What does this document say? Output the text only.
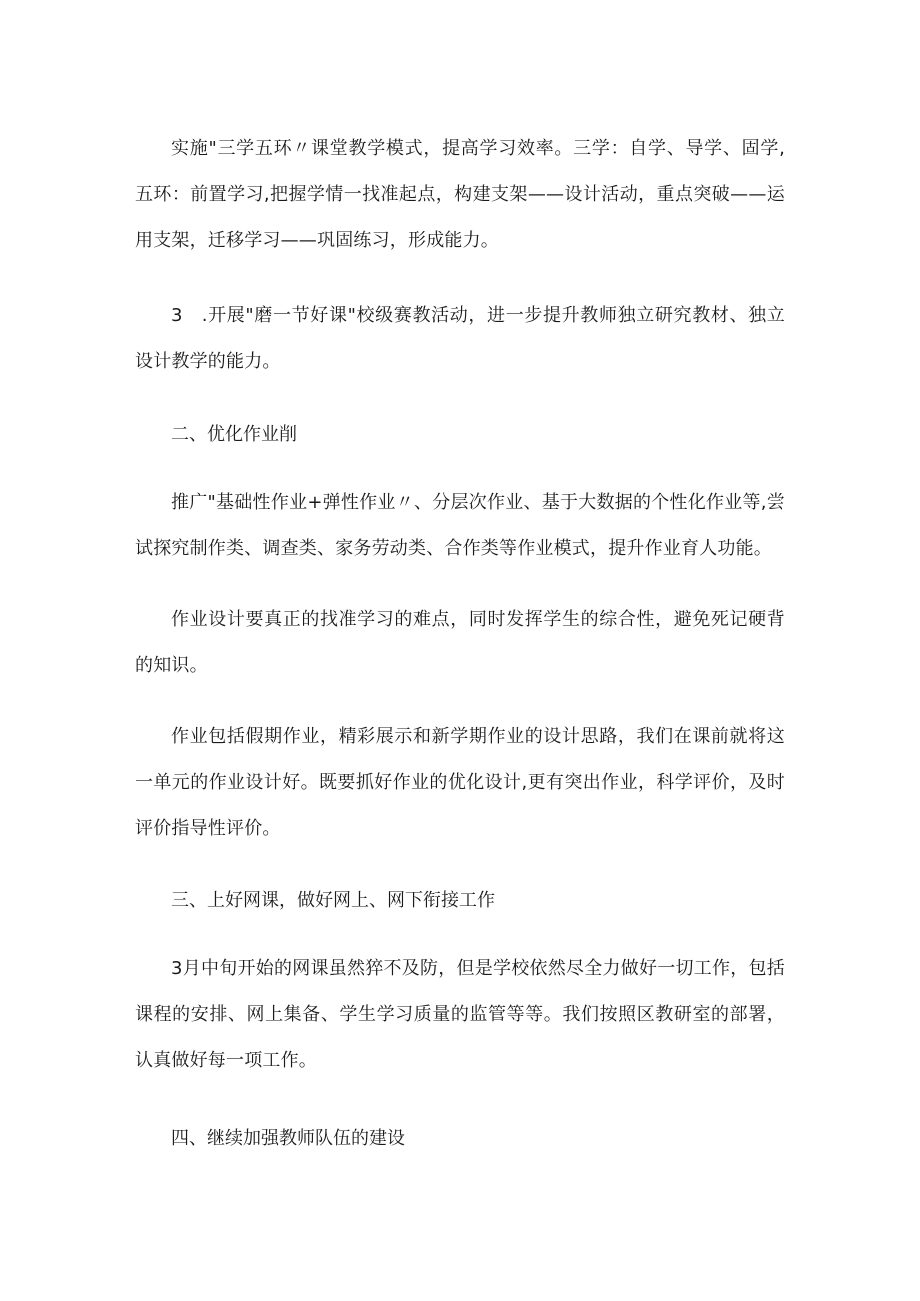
实施"三学五环〃课堂教学模式，提高学习效率。三学：自学、导学、固学,五环：前置学习,把握学情一找准起点，构建支架——设计活动，重点突破——运用支架，迁移学习——巩固练习，形成能力。

3　.开展"磨一节好课"校级赛教活动，进一步提升教师独立研究教材、独立设计教学的能力。

二、优化作业削

推广"基础性作业+弹性作业〃、分层次作业、基于大数据的个性化作业等,尝试探究制作类、调查类、家务劳动类、合作类等作业模式，提升作业育人功能。

作业设计要真正的找准学习的难点，同时发挥学生的综合性，避免死记硬背的知识。

作业包括假期作业，精彩展示和新学期作业的设计思路，我们在课前就将这一单元的作业设计好。既要抓好作业的优化设计,更有突出作业，科学评价，及时评价指导性评价。

三、上好网课，做好网上、网下衔接工作

3月中旬开始的网课虽然猝不及防，但是学校依然尽全力做好一切工作，包括课程的安排、网上集备、学生学习质量的监管等等。我们按照区教研室的部署，认真做好每一项工作。

四、继续加强教师队伍的建设
